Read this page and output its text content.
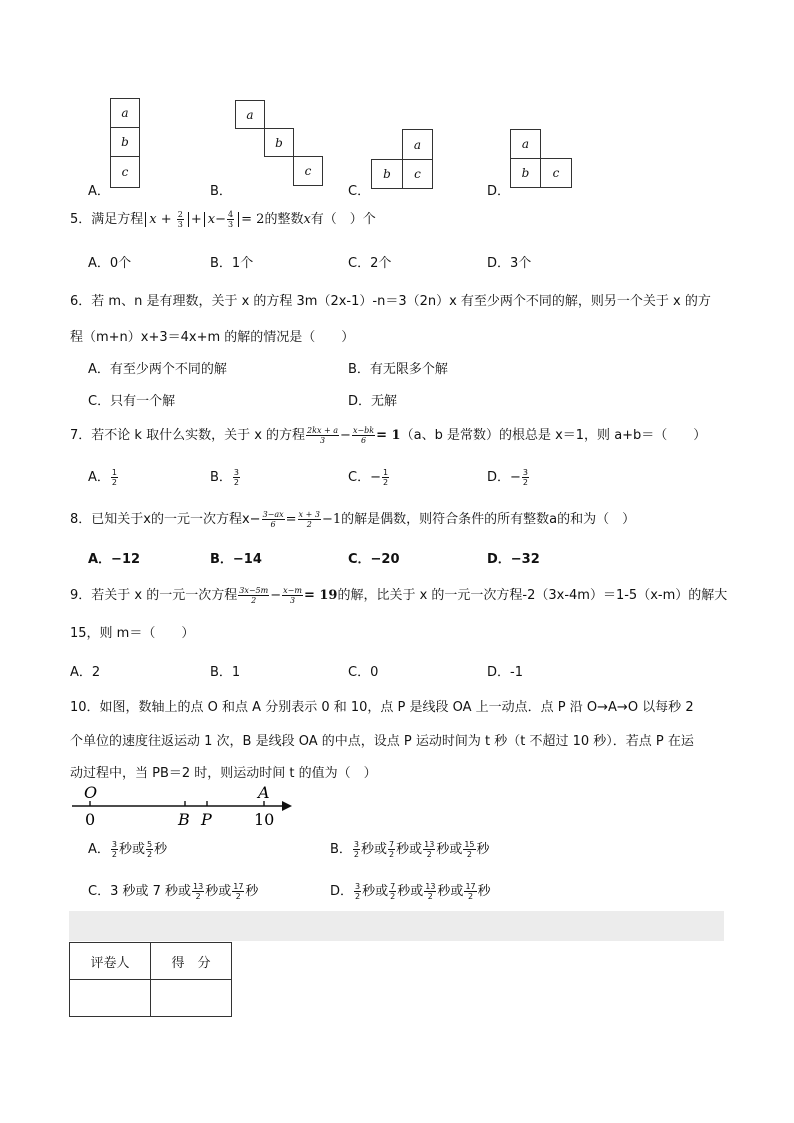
a
b
c
A．
a
b
c
B．
a
b	c
C．
a
b	c
D．
5．满足方程 $x + \frac{2}{3} + x- \frac{4}{3} = 2$的整数x有（　）个
A．0个	B．1个	C．2个	D．3个
6．若 m、n 是有理数，关于 x 的方程 3m（2x-1）-n＝3（2n）x 有至少两个不同的解，则另一个关于 x 的方
程（m+n）x+3＝4x+m 的解的情况是（　　）
A．有至少两个不同的解	B．有无限多个解
C．只有一个解	D．无解
7．若不论 k 取什么实数，关于 x 的方程 $\frac{2kx + a}{3} - \frac{x-bk}{6} = 1(a$、b 是常数）的根总是 x＝1，则 a+b＝（　　）
A． $\frac{1}{2}$	B． $\frac{3}{2}$	C．− $\frac{1}{2}$	D．− $\frac{3}{2}$
8．已知关于x的一元一次方程$x- \frac{3-ax}{6} = \frac{x + 3}{2} -1$的解是偶数，则符合条件的所有整数a的和为（　）
A．−12	B．−14	C．−20	D．−32
9．若关于 x 的一元一次方程 $\frac{3x-5m}{2} - \frac{x-m}{3} = 19$的解，比关于 x 的一元一次方程-2（3x-4m）＝1-5（x-m）的解大
15，则 m＝（　　）
A．2	B．1	C．0	D．-1
10．如图，数轴上的点 O 和点 A 分别表示 0 和 10，点 P 是线段 OA 上一动点．点 P 沿 O→A→O 以每秒 2
个单位的速度往返运动 1 次，B 是线段 OA 的中点，设点 P 运动时间为 t 秒（t 不超过 10 秒）．若点 P 在运
动过程中，当 PB＝2 时，则运动时间 t 的值为（　）
O	A
0	B P	10
A． $\frac{3}{2}$ 秒或 $\frac{5}{2}$ 秒	B． $\frac{3}{2}$ 秒或 $\frac{7}{2}$ 秒或 $\frac{13}{2}$ 秒或 $\frac{15}{2}$ 秒
C．3 秒或 7 秒或 $\frac{13}{2}$ 秒或 $\frac{17}{2}$ 秒	D． $\frac{3}{2}$ 秒或 $\frac{7}{2}$ 秒或 $\frac{13}{2}$ 秒或 $\frac{17}{2}$ 秒
评卷人	得　分
